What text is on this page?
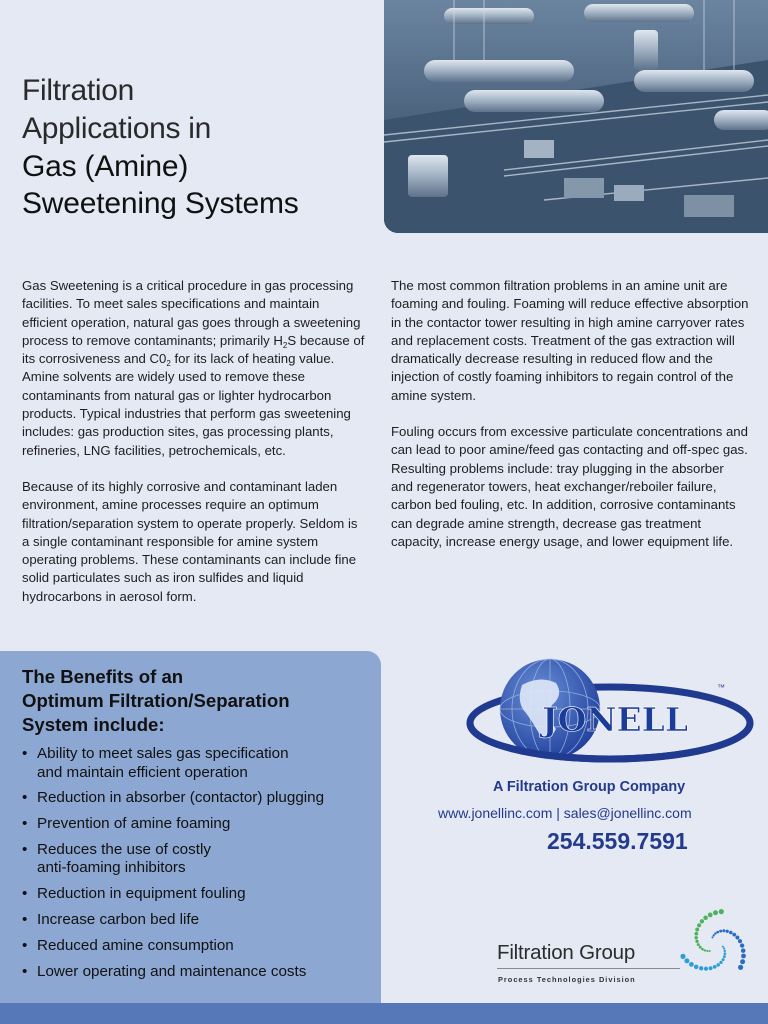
Filtration
Applications in
Gas (Amine)
Sweetening Systems

Gas Sweetening is a critical procedure in gas processing facilities. To meet sales specifications and maintain efficient operation, natural gas goes through a sweetening process to remove contaminants; primarily $H_2S$ because of its corrosiveness and $C0_2$ for its lack of heating value. Amine solvents are widely used to remove these contaminants from natural gas or lighter hydrocarbon products. Typical industries that perform gas sweetening includes: gas production sites, gas processing plants, refineries, LNG facilities, petrochemicals, etc.

Because of its highly corrosive and contaminant laden environment, amine processes require an optimum filtration/separation system to operate properly. Seldom is a single contaminant responsible for amine system operating problems. These contaminants can include fine solid particulates such as iron sulfides and liquid hydrocarbons in aerosol form.

The most common filtration problems in an amine unit are foaming and fouling. Foaming will reduce effective absorption in the contactor tower resulting in high amine carryover rates and replacement costs. Treatment of the gas extraction will dramatically decrease resulting in reduced flow and the injection of costly foaming inhibitors to regain control of the amine system.

Fouling occurs from excessive particulate concentrations and can lead to poor amine/feed gas contacting and off-spec gas. Resulting problems include: tray plugging in the absorber and regenerator towers, heat exchanger/reboiler failure, carbon bed fouling, etc. In addition, corrosive contaminants can degrade amine strength, decrease gas treatment capacity, increase energy usage, and lower equipment life.

The Benefits of an
Optimum Filtration/Separation
System include:
• Ability to meet sales gas specification
and maintain efficient operation
• Reduction in absorber (contactor) plugging
• Prevention of amine foaming
• Reduces the use of costly
anti-foaming inhibitors
• Reduction in equipment fouling
• Increase carbon bed life
• Reduced amine consumption
• Lower operating and maintenance costs
JONELL
™
A Filtration Group Company
www.jonellinc.com | sales@jonellinc.com
254.559.7591
Filtration Group
Process Technologies Division
